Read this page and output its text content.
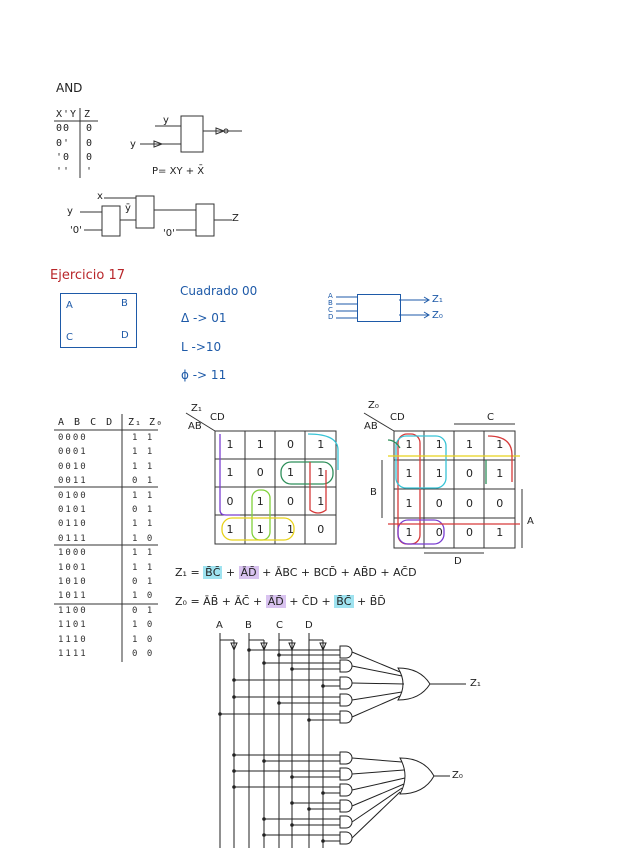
AND
X'Y Z
00 0
0' 0
'0 0
'' '
y
y
P= XY + X̄
x
y
'0'
ȳ
'0'
Z
Ejercicio 17
A	B
C	D
Cuadrado 00
Δ -> 01
L ->10
ϕ -> 11
A
B
C
D
Z₁
Z₀
A B C D Z₁ Z₀
0000	1 1
0001	1 1
0010	1 1
0011	0 1
0100	1 1
0101	0 1
0110	1 1
0111	1 0
1000	1 1
1001	1 1
1010	0 1
1011	1 0
1100	0 1
1101	1 0
1110	1 0
1111	0 0
Z₁
CD
AB
1	1	0	1
1	0	1	1
0	1	0	1
1	1	1	0
Z₀
CD
AB
C
B
A
D
1	1	1	1
1	1	0	1
1	0	0	0
1	0	0	1
Z₁ = B̄C̄ + ĀD̄ + ĀBC + BCD̄ + AB̄D + AC̄D
Z₀ = ĀB̄ + ĀC̄ + ĀD̄ + C̄D + B̄C̄ + B̄D̄
A B C D
Z₁
Z₀
